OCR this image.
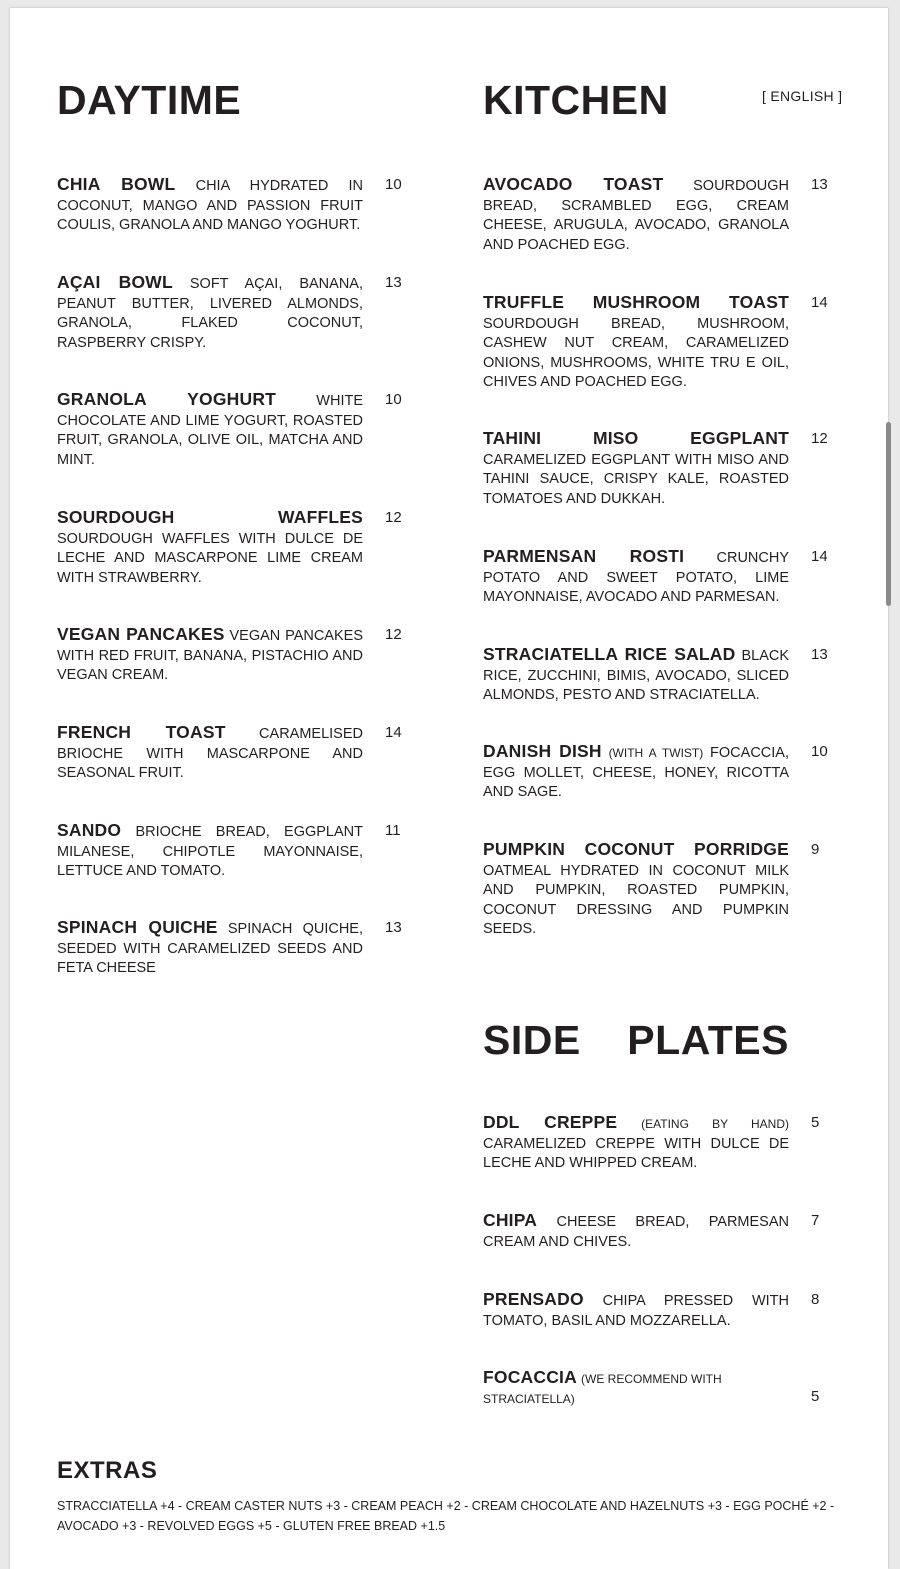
DAYTIME	KITCHEN	[ ENGLISH ]
CHIA BOWL CHIA HYDRATED IN COCONUT, MANGO AND PASSION FRUIT COULIS, GRANOLA AND MANGO YOGHURT.
10
AÇAI BOWL SOFT AÇAI, BANANA, PEANUT BUTTER, LIVERED ALMONDS, GRANOLA, FLAKED COCONUT, RASPBERRY CRISPY.
13
GRANOLA YOGHURT	WHITE CHOCOLATE AND LIME YOGURT, ROASTED FRUIT, GRANOLA, OLIVE OIL, MATCHA AND MINT.
10
SOURDOUGH WAFFLES SOURDOUGH WAFFLES WITH DULCE DE LECHE AND MASCARPONE LIME CREAM WITH STRAWBERRY.
12
VEGAN PANCAKES VEGAN PANCAKES WITH RED FRUIT, BANANA, PISTACHIO AND VEGAN CREAM.
12
FRENCH TOAST CARAMELISED BRIOCHE WITH MASCARPONE AND SEASONAL FRUIT.
14
SANDO BRIOCHE BREAD, EGGPLANT MILANESE, CHIPOTLE MAYONNAISE, LETTUCE AND TOMATO.
11
SPINACH QUICHE SPINACH QUICHE, SEEDED WITH CARAMELIZED SEEDS AND FETA CHEESE
13
AVOCADO TOAST SOURDOUGH BREAD, SCRAMBLED EGG, CREAM CHEESE, ARUGULA, AVOCADO, GRANOLA AND POACHED EGG.
13
TRUFFLE MUSHROOM TOAST SOURDOUGH BREAD, MUSHROOM, CASHEW NUT CREAM, CARAMELIZED ONIONS, MUSHROOMS, WHITE TRU E OIL, CHIVES AND POACHED EGG.
14
TAHINI MISO EGGPLANT CARAMELIZED EGGPLANT WITH MISO AND TAHINI SAUCE, CRISPY KALE, ROASTED TOMATOES AND DUKKAH.
12
PARMENSAN ROSTI CRUNCHY POTATO AND SWEET POTATO, LIME MAYONNAISE, AVOCADO AND PARMESAN.
14
STRACIATELLA RICE SALAD BLACK RICE, ZUCCHINI, BIMIS, AVOCADO, SLICED ALMONDS, PESTO AND STRACIATELLA.
13
DANISH DISH (WITH A TWIST) FOCACCIA, EGG MOLLET, CHEESE, HONEY, RICOTTA AND SAGE.
10
PUMPKIN COCONUT PORRIDGE OATMEAL HYDRATED IN COCONUT MILK AND PUMPKIN, ROASTED PUMPKIN, COCONUT DRESSING AND PUMPKIN SEEDS.
9
SIDE PLATES
DDL CREPPE (EATING BY HAND) CARAMELIZED CREPPE WITH DULCE DE LECHE AND WHIPPED CREAM.
5
CHIPA CHEESE BREAD, PARMESAN CREAM AND CHIVES.
7
PRENSADO CHIPA PRESSED WITH TOMATO, BASIL AND MOZZARELLA.
8
FOCACCIA (WE RECOMMEND WITH STRACIATELLA)	5
EXTRAS

STRACCIATELLA +4 - CREAM CASTER NUTS +3 - CREAM PEACH +2 - CREAM CHOCOLATE AND HAZELNUTS +3 - EGG POCHÉ +2 - AVOCADO +3 - REVOLVED EGGS +5 - GLUTEN FREE BREAD +1.5
